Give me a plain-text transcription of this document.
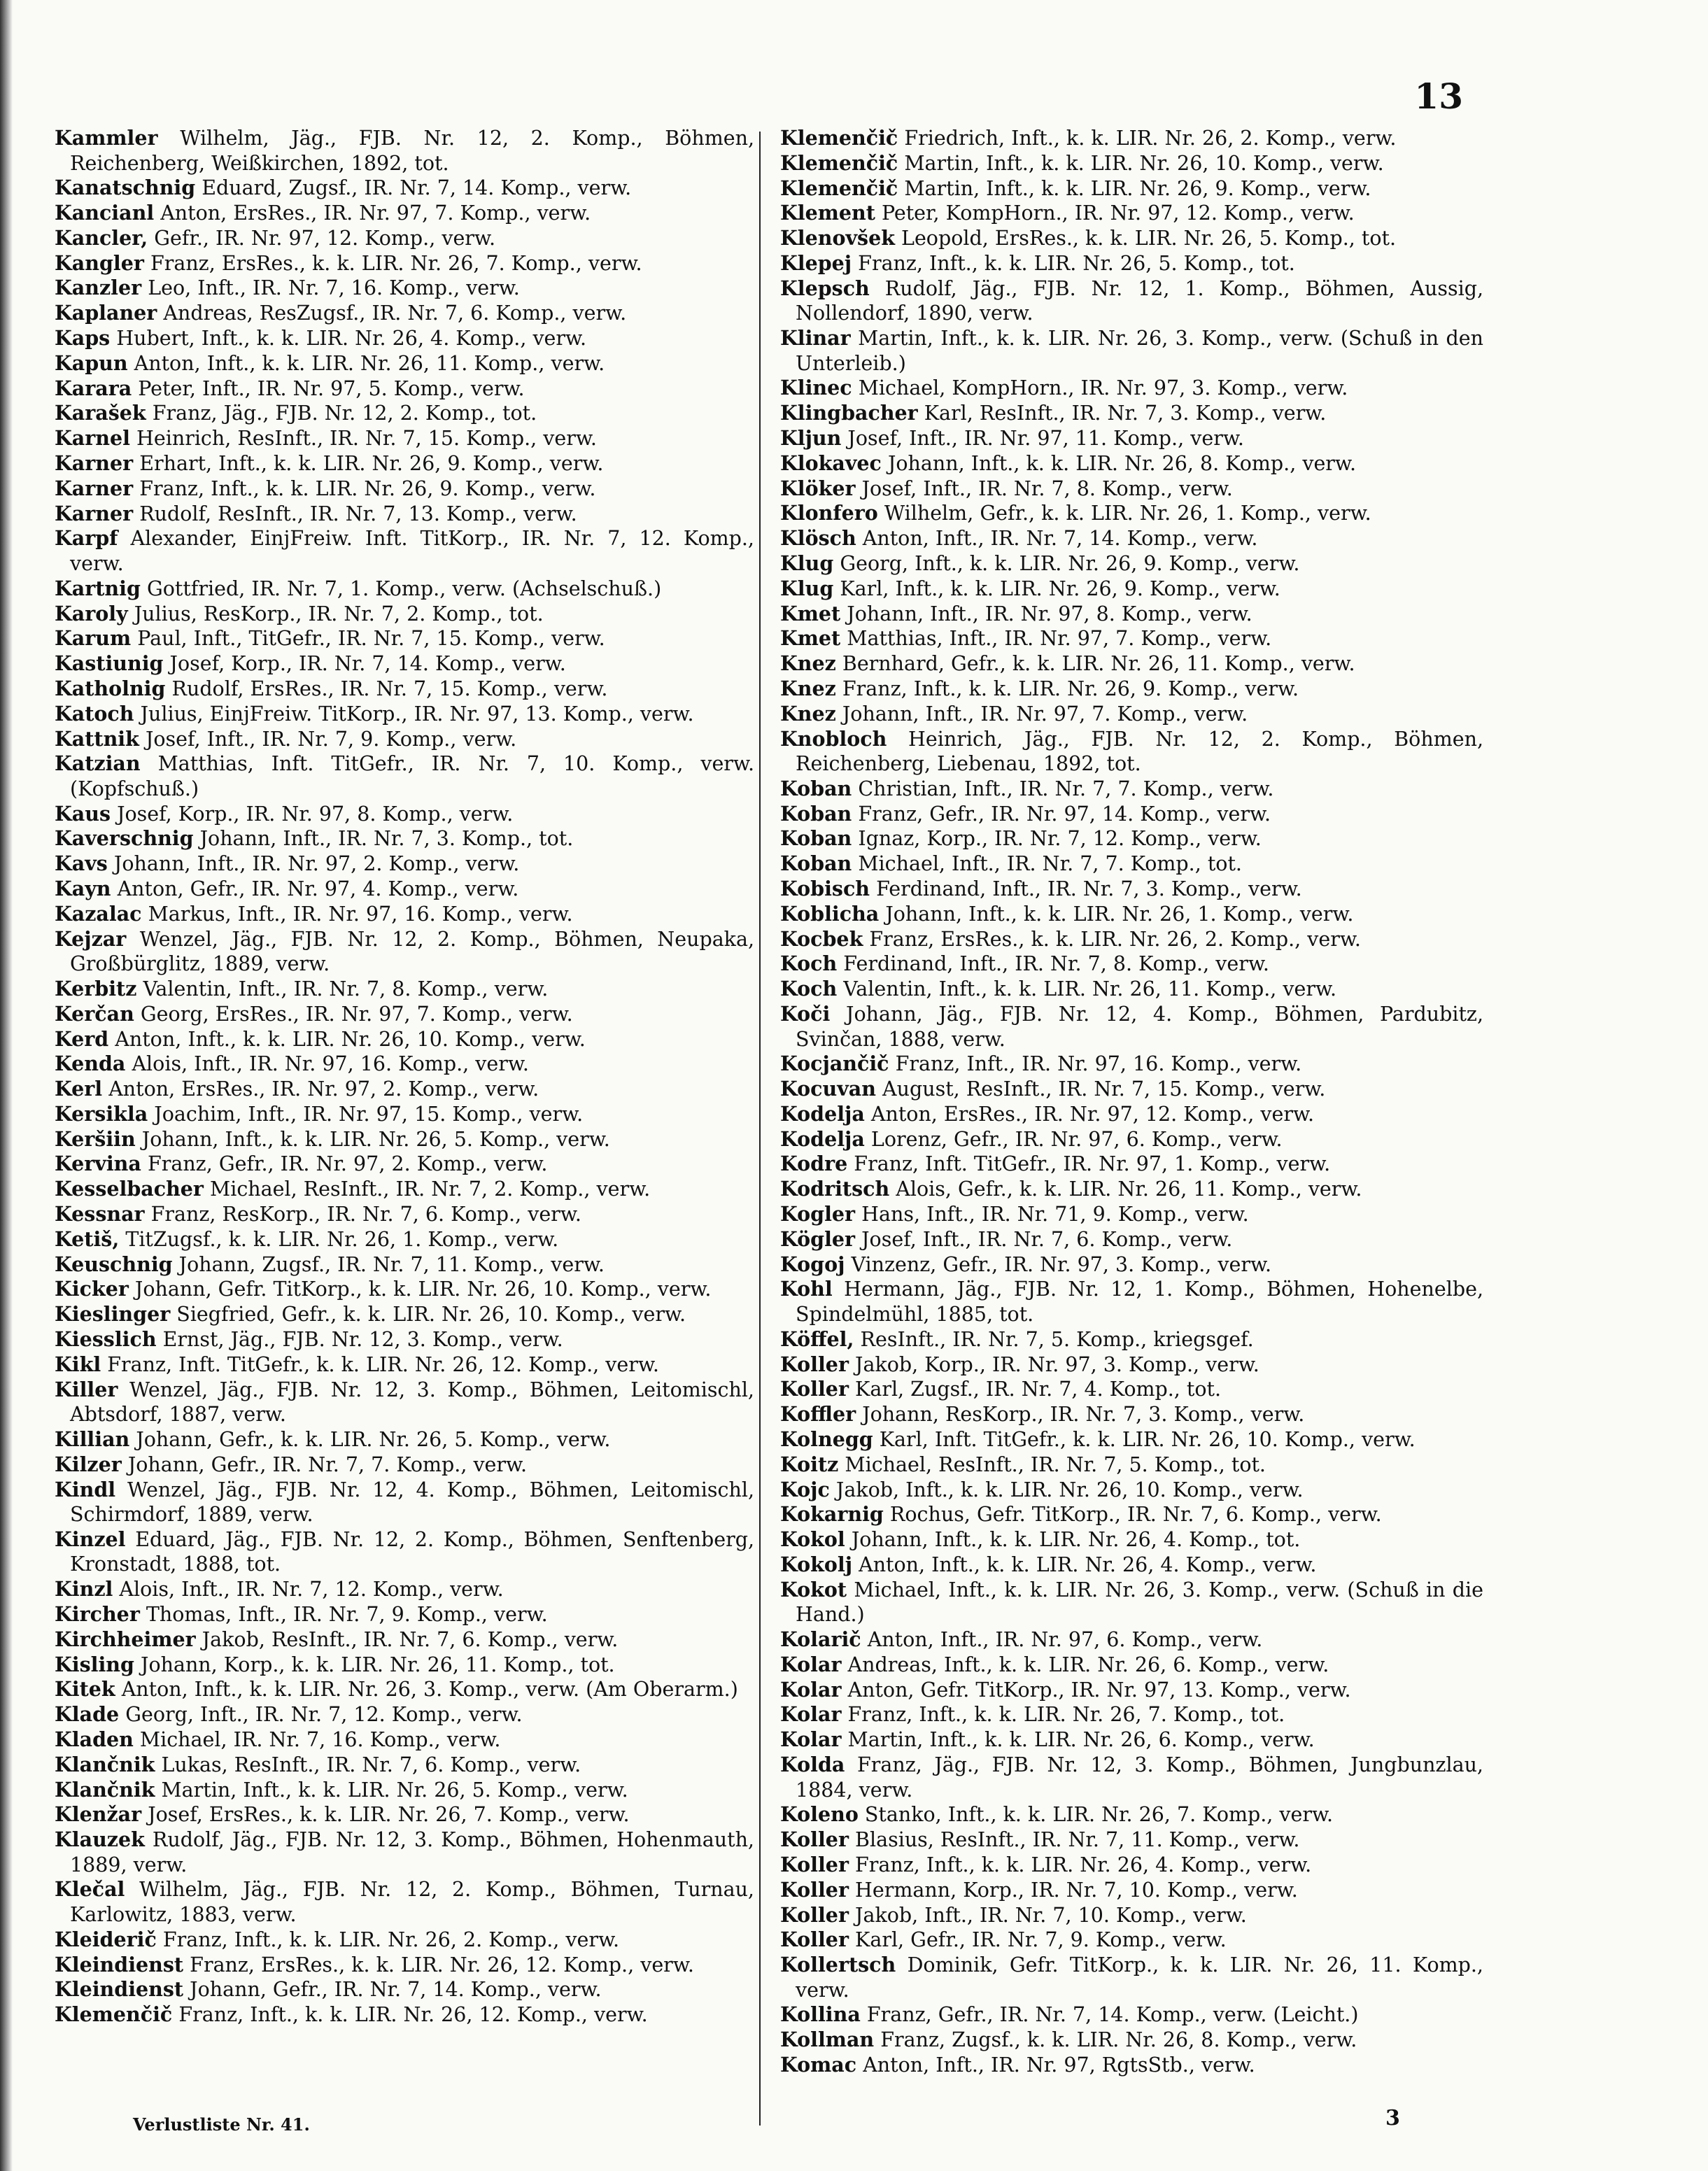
13

Kammler Wilhelm, Jäg., FJB. Nr. 12, 2. Komp., Böhmen, Reichenberg, Weißkirchen, 1892, tot.

Kanatschnig Eduard, Zugsf., IR. Nr. 7, 14. Komp., verw.

Kancianl Anton, ErsRes., IR. Nr. 97, 7. Komp., verw.

Kancler, Gefr., IR. Nr. 97, 12. Komp., verw.

Kangler Franz, ErsRes., k. k. LIR. Nr. 26, 7. Komp., verw.

Kanzler Leo, Inft., IR. Nr. 7, 16. Komp., verw.

Kaplaner Andreas, ResZugsf., IR. Nr. 7, 6. Komp., verw.

Kaps Hubert, Inft., k. k. LIR. Nr. 26, 4. Komp., verw.

Kapun Anton, Inft., k. k. LIR. Nr. 26, 11. Komp., verw.

Karara Peter, Inft., IR. Nr. 97, 5. Komp., verw.

Karašek Franz, Jäg., FJB. Nr. 12, 2. Komp., tot.

Karnel Heinrich, ResInft., IR. Nr. 7, 15. Komp., verw.

Karner Erhart, Inft., k. k. LIR. Nr. 26, 9. Komp., verw.

Karner Franz, Inft., k. k. LIR. Nr. 26, 9. Komp., verw.

Karner Rudolf, ResInft., IR. Nr. 7, 13. Komp., verw.

Karpf Alexander, EinjFreiw. Inft. TitKorp., IR. Nr. 7, 12. Komp., verw.

Kartnig Gottfried, IR. Nr. 7, 1. Komp., verw. (Achselschuß.)

Karoly Julius, ResKorp., IR. Nr. 7, 2. Komp., tot.

Karum Paul, Inft., TitGefr., IR. Nr. 7, 15. Komp., verw.

Kastiunig Josef, Korp., IR. Nr. 7, 14. Komp., verw.

Katholnig Rudolf, ErsRes., IR. Nr. 7, 15. Komp., verw.

Katoch Julius, EinjFreiw. TitKorp., IR. Nr. 97, 13. Komp., verw.

Kattnik Josef, Inft., IR. Nr. 7, 9. Komp., verw.

Katzian Matthias, Inft. TitGefr., IR. Nr. 7, 10. Komp., verw. (Kopfschuß.)

Kaus Josef, Korp., IR. Nr. 97, 8. Komp., verw.

Kaverschnig Johann, Inft., IR. Nr. 7, 3. Komp., tot.

Kavs Johann, Inft., IR. Nr. 97, 2. Komp., verw.

Kayn Anton, Gefr., IR. Nr. 97, 4. Komp., verw.

Kazalac Markus, Inft., IR. Nr. 97, 16. Komp., verw.

Kejzar Wenzel, Jäg., FJB. Nr. 12, 2. Komp., Böhmen, Neupaka, Großbürglitz, 1889, verw.

Kerbitz Valentin, Inft., IR. Nr. 7, 8. Komp., verw.

Kerčan Georg, ErsRes., IR. Nr. 97, 7. Komp., verw.

Kerd Anton, Inft., k. k. LIR. Nr. 26, 10. Komp., verw.

Kenda Alois, Inft., IR. Nr. 97, 16. Komp., verw.

Kerl Anton, ErsRes., IR. Nr. 97, 2. Komp., verw.

Kersikla Joachim, Inft., IR. Nr. 97, 15. Komp., verw.

Keršiin Johann, Inft., k. k. LIR. Nr. 26, 5. Komp., verw.

Kervina Franz, Gefr., IR. Nr. 97, 2. Komp., verw.

Kesselbacher Michael, ResInft., IR. Nr. 7, 2. Komp., verw.

Kessnar Franz, ResKorp., IR. Nr. 7, 6. Komp., verw.

Ketiš, TitZugsf., k. k. LIR. Nr. 26, 1. Komp., verw.

Keuschnig Johann, Zugsf., IR. Nr. 7, 11. Komp., verw.

Kicker Johann, Gefr. TitKorp., k. k. LIR. Nr. 26, 10. Komp., verw.

Kieslinger Siegfried, Gefr., k. k. LIR. Nr. 26, 10. Komp., verw.

Kiesslich Ernst, Jäg., FJB. Nr. 12, 3. Komp., verw.

Kikl Franz, Inft. TitGefr., k. k. LIR. Nr. 26, 12. Komp., verw.

Killer Wenzel, Jäg., FJB. Nr. 12, 3. Komp., Böhmen, Leitomischl, Abtsdorf, 1887, verw.

Killian Johann, Gefr., k. k. LIR. Nr. 26, 5. Komp., verw.

Kilzer Johann, Gefr., IR. Nr. 7, 7. Komp., verw.

Kindl Wenzel, Jäg., FJB. Nr. 12, 4. Komp., Böhmen, Leitomischl, Schirmdorf, 1889, verw.

Kinzel Eduard, Jäg., FJB. Nr. 12, 2. Komp., Böhmen, Senftenberg, Kronstadt, 1888, tot.

Kinzl Alois, Inft., IR. Nr. 7, 12. Komp., verw.

Kircher Thomas, Inft., IR. Nr. 7, 9. Komp., verw.

Kirchheimer Jakob, ResInft., IR. Nr. 7, 6. Komp., verw.

Kisling Johann, Korp., k. k. LIR. Nr. 26, 11. Komp., tot.

Kitek Anton, Inft., k. k. LIR. Nr. 26, 3. Komp., verw. (Am Oberarm.)

Klade Georg, Inft., IR. Nr. 7, 12. Komp., verw.

Kladen Michael, IR. Nr. 7, 16. Komp., verw.

Klančnik Lukas, ResInft., IR. Nr. 7, 6. Komp., verw.

Klančnik Martin, Inft., k. k. LIR. Nr. 26, 5. Komp., verw.

Klenžar Josef, ErsRes., k. k. LIR. Nr. 26, 7. Komp., verw.

Klauzek Rudolf, Jäg., FJB. Nr. 12, 3. Komp., Böhmen, Hohenmauth, 1889, verw.

Klečal Wilhelm, Jäg., FJB. Nr. 12, 2. Komp., Böhmen, Turnau, Karlowitz, 1883, verw.

Kleiderič Franz, Inft., k. k. LIR. Nr. 26, 2. Komp., verw.

Kleindienst Franz, ErsRes., k. k. LIR. Nr. 26, 12. Komp., verw.

Kleindienst Johann, Gefr., IR. Nr. 7, 14. Komp., verw.

Klemenčič Franz, Inft., k. k. LIR. Nr. 26, 12. Komp., verw.

Klemenčič Friedrich, Inft., k. k. LIR. Nr. 26, 2. Komp., verw.

Klemenčič Martin, Inft., k. k. LIR. Nr. 26, 10. Komp., verw.

Klemenčič Martin, Inft., k. k. LIR. Nr. 26, 9. Komp., verw.

Klement Peter, KompHorn., IR. Nr. 97, 12. Komp., verw.

Klenovšek Leopold, ErsRes., k. k. LIR. Nr. 26, 5. Komp., tot.

Klepej Franz, Inft., k. k. LIR. Nr. 26, 5. Komp., tot.

Klepsch Rudolf, Jäg., FJB. Nr. 12, 1. Komp., Böhmen, Aussig, Nollendorf, 1890, verw.

Klinar Martin, Inft., k. k. LIR. Nr. 26, 3. Komp., verw. (Schuß in den Unterleib.)

Klinec Michael, KompHorn., IR. Nr. 97, 3. Komp., verw.

Klingbacher Karl, ResInft., IR. Nr. 7, 3. Komp., verw.

Kljun Josef, Inft., IR. Nr. 97, 11. Komp., verw.

Klokavec Johann, Inft., k. k. LIR. Nr. 26, 8. Komp., verw.

Klöker Josef, Inft., IR. Nr. 7, 8. Komp., verw.

Klonfero Wilhelm, Gefr., k. k. LIR. Nr. 26, 1. Komp., verw.

Klösch Anton, Inft., IR. Nr. 7, 14. Komp., verw.

Klug Georg, Inft., k. k. LIR. Nr. 26, 9. Komp., verw.

Klug Karl, Inft., k. k. LIR. Nr. 26, 9. Komp., verw.

Kmet Johann, Inft., IR. Nr. 97, 8. Komp., verw.

Kmet Matthias, Inft., IR. Nr. 97, 7. Komp., verw.

Knez Bernhard, Gefr., k. k. LIR. Nr. 26, 11. Komp., verw.

Knez Franz, Inft., k. k. LIR. Nr. 26, 9. Komp., verw.

Knez Johann, Inft., IR. Nr. 97, 7. Komp., verw.

Knobloch Heinrich, Jäg., FJB. Nr. 12, 2. Komp., Böhmen, Reichenberg, Liebenau, 1892, tot.

Koban Christian, Inft., IR. Nr. 7, 7. Komp., verw.

Koban Franz, Gefr., IR. Nr. 97, 14. Komp., verw.

Koban Ignaz, Korp., IR. Nr. 7, 12. Komp., verw.

Koban Michael, Inft., IR. Nr. 7, 7. Komp., tot.

Kobisch Ferdinand, Inft., IR. Nr. 7, 3. Komp., verw.

Koblicha Johann, Inft., k. k. LIR. Nr. 26, 1. Komp., verw.

Kocbek Franz, ErsRes., k. k. LIR. Nr. 26, 2. Komp., verw.

Koch Ferdinand, Inft., IR. Nr. 7, 8. Komp., verw.

Koch Valentin, Inft., k. k. LIR. Nr. 26, 11. Komp., verw.

Koči Johann, Jäg., FJB. Nr. 12, 4. Komp., Böhmen, Pardubitz, Svinčan, 1888, verw.

Kocjančič Franz, Inft., IR. Nr. 97, 16. Komp., verw.

Kocuvan August, ResInft., IR. Nr. 7, 15. Komp., verw.

Kodelja Anton, ErsRes., IR. Nr. 97, 12. Komp., verw.

Kodelja Lorenz, Gefr., IR. Nr. 97, 6. Komp., verw.

Kodre Franz, Inft. TitGefr., IR. Nr. 97, 1. Komp., verw.

Kodritsch Alois, Gefr., k. k. LIR. Nr. 26, 11. Komp., verw.

Kogler Hans, Inft., IR. Nr. 71, 9. Komp., verw.

Kögler Josef, Inft., IR. Nr. 7, 6. Komp., verw.

Kogoj Vinzenz, Gefr., IR. Nr. 97, 3. Komp., verw.

Kohl Hermann, Jäg., FJB. Nr. 12, 1. Komp., Böhmen, Hohenelbe, Spindelmühl, 1885, tot.

Köffel, ResInft., IR. Nr. 7, 5. Komp., kriegsgef.

Koller Jakob, Korp., IR. Nr. 97, 3. Komp., verw.

Koller Karl, Zugsf., IR. Nr. 7, 4. Komp., tot.

Koffler Johann, ResKorp., IR. Nr. 7, 3. Komp., verw.

Kolnegg Karl, Inft. TitGefr., k. k. LIR. Nr. 26, 10. Komp., verw.

Koitz Michael, ResInft., IR. Nr. 7, 5. Komp., tot.

Kojc Jakob, Inft., k. k. LIR. Nr. 26, 10. Komp., verw.

Kokarnig Rochus, Gefr. TitKorp., IR. Nr. 7, 6. Komp., verw.

Kokol Johann, Inft., k. k. LIR. Nr. 26, 4. Komp., tot.

Kokolj Anton, Inft., k. k. LIR. Nr. 26, 4. Komp., verw.

Kokot Michael, Inft., k. k. LIR. Nr. 26, 3. Komp., verw. (Schuß in die Hand.)

Kolarič Anton, Inft., IR. Nr. 97, 6. Komp., verw.

Kolar Andreas, Inft., k. k. LIR. Nr. 26, 6. Komp., verw.

Kolar Anton, Gefr. TitKorp., IR. Nr. 97, 13. Komp., verw.

Kolar Franz, Inft., k. k. LIR. Nr. 26, 7. Komp., tot.

Kolar Martin, Inft., k. k. LIR. Nr. 26, 6. Komp., verw.

Kolda Franz, Jäg., FJB. Nr. 12, 3. Komp., Böhmen, Jungbunzlau, 1884, verw.

Koleno Stanko, Inft., k. k. LIR. Nr. 26, 7. Komp., verw.

Koller Blasius, ResInft., IR. Nr. 7, 11. Komp., verw.

Koller Franz, Inft., k. k. LIR. Nr. 26, 4. Komp., verw.

Koller Hermann, Korp., IR. Nr. 7, 10. Komp., verw.

Koller Jakob, Inft., IR. Nr. 7, 10. Komp., verw.

Koller Karl, Gefr., IR. Nr. 7, 9. Komp., verw.

Kollertsch Dominik, Gefr. TitKorp., k. k. LIR. Nr. 26, 11. Komp., verw.

Kollina Franz, Gefr., IR. Nr. 7, 14. Komp., verw. (Leicht.)

Kollman Franz, Zugsf., k. k. LIR. Nr. 26, 8. Komp., verw.

Komac Anton, Inft., IR. Nr. 97, RgtsStb., verw.

Verlustliste Nr. 41.	3
